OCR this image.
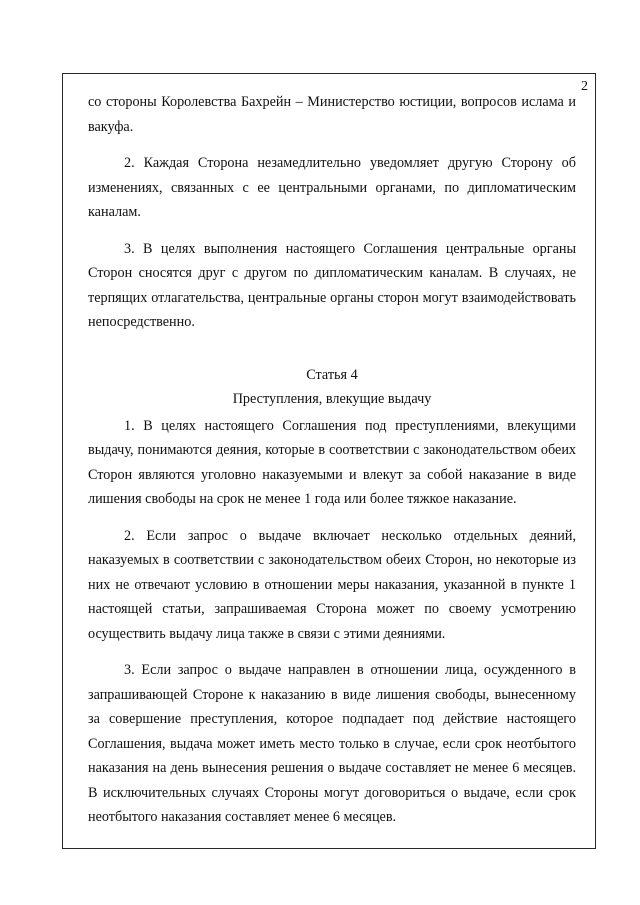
2

со стороны Королевства Бахрейн – Министерство юстиции, вопросов ислама и вакуфа.

2. Каждая Сторона незамедлительно уведомляет другую Сторону об изменениях, связанных с ее центральными органами, по дипломатическим каналам.

3. В целях выполнения настоящего Соглашения центральные органы Сторон сносятся друг с другом по дипломатическим каналам. В случаях, не терпящих отлагательства, центральные органы сторон могут взаимодействовать непосредственно.

Статья 4

Преступления, влекущие выдачу

1. В целях настоящего Соглашения под преступлениями, влекущими выдачу, понимаются деяния, которые в соответствии с законодательством обеих Сторон являются уголовно наказуемыми и влекут за собой наказание в виде лишения свободы на срок не менее 1 года или более тяжкое наказание.

2. Если запрос о выдаче включает несколько отдельных деяний, наказуемых в соответствии с законодательством обеих Сторон, но некоторые из них не отвечают условию в отношении меры наказания, указанной в пункте 1 настоящей статьи, запрашиваемая Сторона может по своему усмотрению осуществить выдачу лица также в связи с этими деяниями.

3. Если запрос о выдаче направлен в отношении лица, осужденного в запрашивающей Стороне к наказанию в виде лишения свободы, вынесенному за совершение преступления, которое подпадает под действие настоящего Соглашения, выдача может иметь место только в случае, если срок неотбытого наказания на день вынесения решения о выдаче составляет не менее 6 месяцев. В исключительных случаях Стороны могут договориться о выдаче, если срок неотбытого наказания составляет менее 6 месяцев.
